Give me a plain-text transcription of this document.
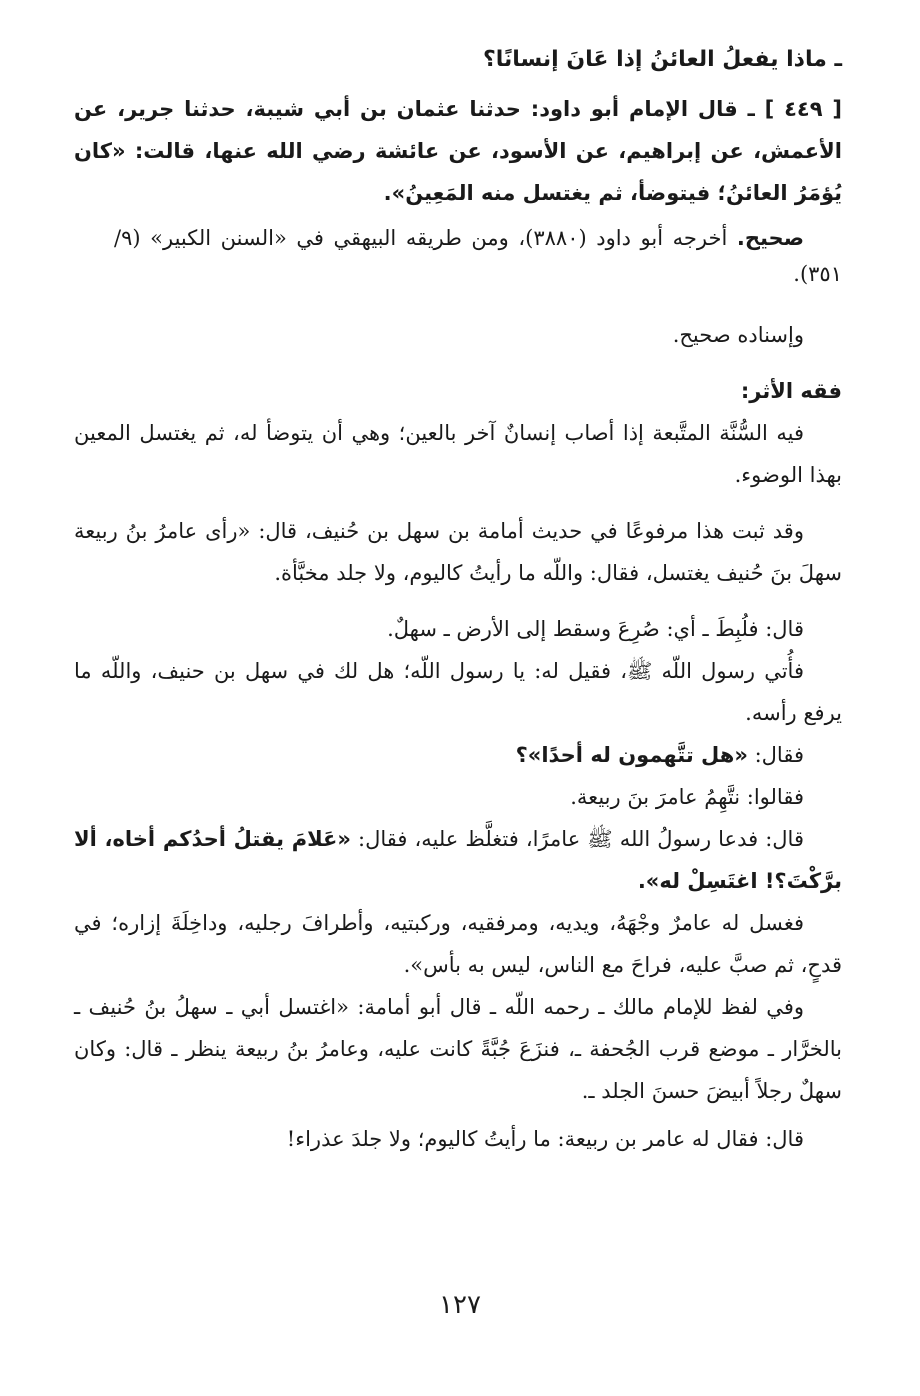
ـ ماذا يفعلُ العائنُ إذا عَانَ إنسانًا؟

[ ٤٤٩ ] ـ قال الإمام أبو داود: حدثنا عثمان بن أبي شيبة، حدثنا جرير، عن الأعمش، عن إبراهيم، عن الأسود، عن عائشة رضي الله عنها، قالت: «كان يُؤمَرُ العائنُ؛ فيتوضأ، ثم يغتسل منه المَعِينُ».

صحيح. أخرجه أبو داود (٣٨٨٠)، ومن طريقه البيهقي في «السنن الكبير» (٩/ ٣٥١).

وإسناده صحيح.

فقه الأثر:

فيه السُّنَّة المتَّبعة إذا أصاب إنسانٌ آخر بالعين؛ وهي أن يتوضأ له، ثم يغتسل المعين بهذا الوضوء.

وقد ثبت هذا مرفوعًا في حديث أمامة بن سهل بن حُنيف، قال: «رأى عامرُ بنُ ربيعة سهلَ بنَ حُنيف يغتسل، فقال: واللّه ما رأيتُ كاليوم، ولا جلد مخبَّأة.

قال: فلُبِطَ ـ أي: صُرِعَ وسقط إلى الأرض ـ سهلٌ.

فأُتي رسول اللّه ﷺ، فقيل له: يا رسول اللّه؛ هل لك في سهل بن حنيف، واللّه ما يرفع رأسه.

فقال: «هل تتَّهمون له أحدًا»؟

فقالوا: نتَّهِمُ عامرَ بنَ ربيعة.

قال: فدعا رسولُ الله ﷺ عامرًا، فتغلَّظ عليه، فقال: «عَلامَ يقتلُ أحدُكم أخاه، ألا برَّكْتَ؟! اغتَسِلْ له».

فغسل له عامرٌ وجْهَهُ، ويديه، ومرفقيه، وركبتيه، وأطرافَ رجليه، وداخِلَةَ إزاره؛ في قدحٍ، ثم صبَّ عليه، فراحَ مع الناس، ليس به بأس».

وفي لفظ للإمام مالك ـ رحمه اللّه ـ قال أبو أمامة: «اغتسل أبي ـ سهلُ بنُ حُنيف ـ بالخرَّار ـ موضع قرب الجُحفة ـ، فنزَعَ جُبَّةً كانت عليه، وعامرُ بنُ ربيعة ينظر ـ قال: وكان سهلٌ رجلاً أبيضَ حسنَ الجلد ـ.

قال: فقال له عامر بن ربيعة: ما رأيتُ كاليوم؛ ولا جلدَ عذراء!

١٢٧
